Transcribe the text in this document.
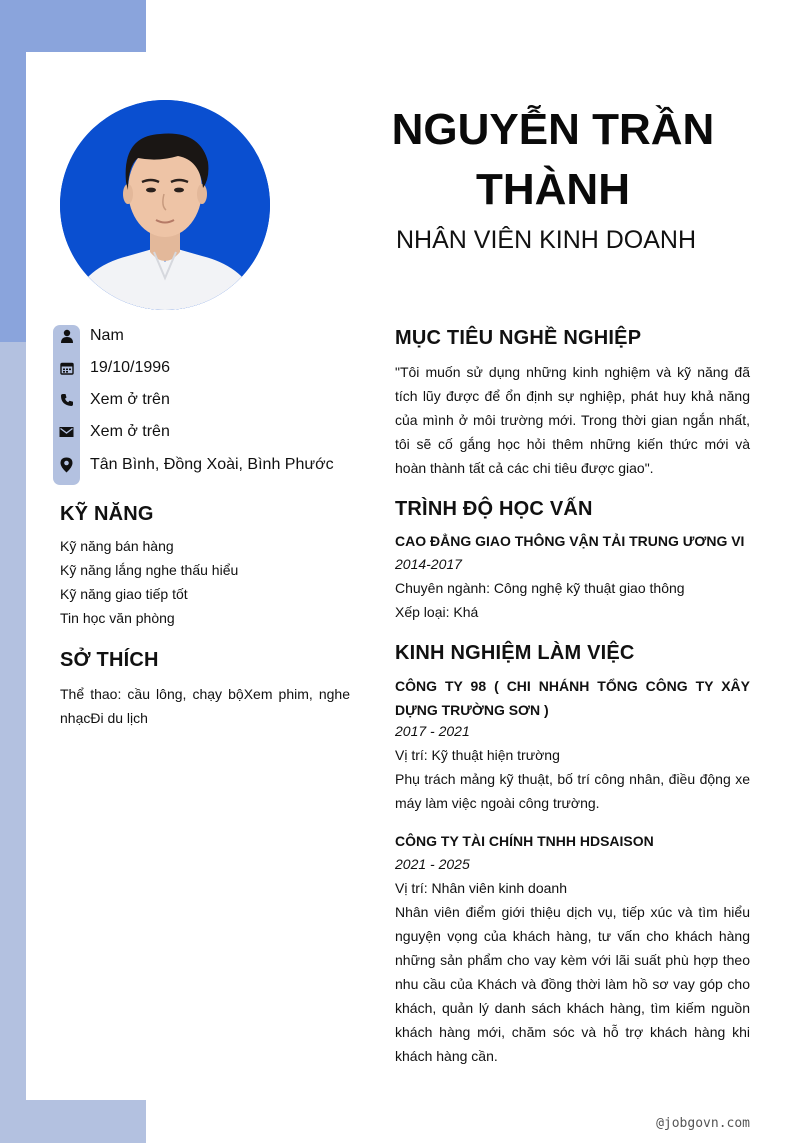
NGUYỄN TRẦN THÀNH
NHÂN VIÊN KINH DOANH
Nam
19/10/1996
Xem ở trên
Xem ở trên
Tân Bình, Đồng Xoài, Bình Phước
KỸ NĂNG
Kỹ năng bán hàng
Kỹ năng lắng nghe thấu hiểu
Kỹ năng giao tiếp tốt
Tin học văn phòng
SỞ THÍCH
Thể thao: cầu lông, chạy bộXem phim, nghe nhạcĐi du lịch
MỤC TIÊU NGHỀ NGHIỆP
"Tôi muốn sử dụng những kinh nghiệm và kỹ năng đã tích lũy được để ổn định sự nghiệp, phát huy khả năng của mình ở môi trường mới. Trong thời gian ngắn nhất, tôi sẽ cố gắng học hỏi thêm những kiến thức mới và hoàn thành tất cả các chi tiêu được giao".
TRÌNH ĐỘ HỌC VẤN
CAO ĐẲNG GIAO THÔNG VẬN TẢI TRUNG ƯƠNG VI
2014-2017
Chuyên ngành: Công nghệ kỹ thuật giao thông
Xếp loại: Khá
KINH NGHIỆM LÀM VIỆC
CÔNG TY 98 ( CHI NHÁNH TỔNG CÔNG TY XÂY DỰNG TRƯỜNG SƠN )
2017 - 2021
Vị trí: Kỹ thuật hiện trường
Phụ trách mảng kỹ thuật, bố trí công nhân, điều động xe máy làm việc ngoài công trường.
CÔNG TY TÀI CHÍNH TNHH HDSAISON
2021 - 2025
Vị trí: Nhân viên kinh doanh
Nhân viên điểm giới thiệu dịch vụ, tiếp xúc và tìm hiểu nguyện vọng của khách hàng, tư vấn cho khách hàng những sản phẩm cho vay kèm với lãi suất phù hợp theo nhu cầu của Khách và đồng thời làm hồ sơ vay góp cho khách, quản lý danh sách khách hàng, tìm kiếm nguồn khách hàng mới, chăm sóc và hỗ trợ khách hàng khi khách hàng cần.
@jobgovn.com
